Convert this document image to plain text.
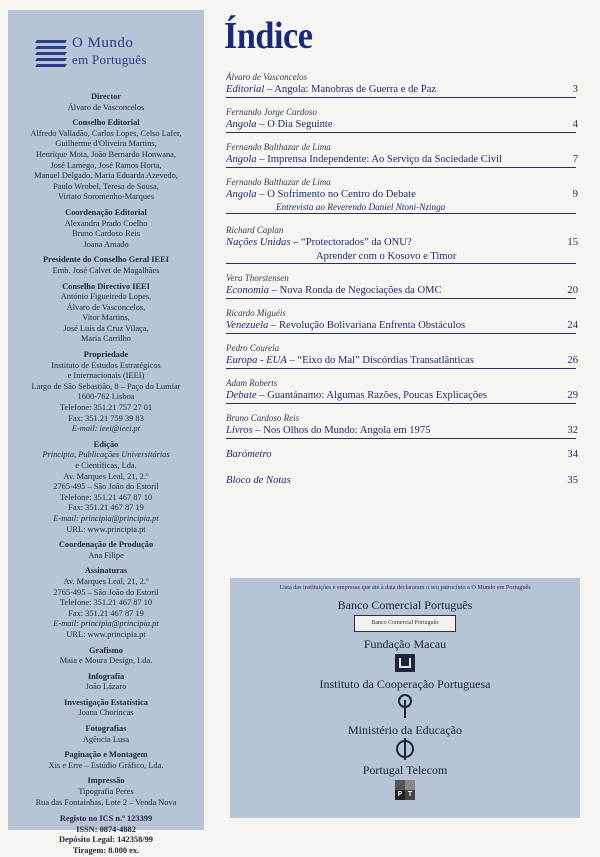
O Mundo
em Português
Director
Álvaro de Vasconcelos
Conselho Editorial
Alfredo Valladão, Carlos Lopes, Celso Lafer,
Guilherme d'Oliveira Martins,
Henrique Mota, João Bernardo Honwana,
José Lamego, José Ramos Horta,
Manuel Delgado, Maria Eduarda Azevedo,
Paulo Wrobel, Teresa de Sousa,
Viriato Soromenho-Marques
Coordenação Editorial
Alexandra Prado Coelho
Bruno Cardoso Reis
Joana Amado
Presidente do Conselho Geral IEEI
Emb. José Calvet de Magalhães
Conselho Directivo IEEI
António Figueiredo Lopes,
Álvaro de Vasconcelos,
Vitor Martins,
José Luís da Cruz Vilaça,
Maria Carrilho
Propriedade
Instituto de Estudos Estratégicos
e Internacionais (IEEI)
Largo de São Sebastião, 8 – Paço do Lumiar
1600-762 Lisboa
Telefone: 351.21 757 27 01
Fax: 351.21 759 39 83
E-mail: ieei@ieei.pt
Edição
Principia, Publicações Universitárias
e Científicas, Lda.
Av. Marques Leal, 21, 2.º
2765-495 – São João do Estoril
Telefone: 351.21 467 87 10
Fax: 351.21 467 87 19
E-mail: principia@principia.pt
URL: www.principia.pt
Coordenação de Produção
Ana Filipe
Assinaturas
Av. Marques Leal, 21, 2.º
2765-495 – São João do Estoril
Telefone: 351.21 467 87 10
Fax: 351.21 467 87 19
E-mail: principia@principia.pt
URL: www.principia.pt
Grafismo
Maia e Moura Design, Lda.
Infografia
João Lázaro
Investigação Estatística
Joana Chorincas
Fotografias
Agência Lusa
Paginação e Montagem
Xis e Erre – Estúdio Gráfico, Lda.
Impressão
Tipografia Peres
Rua das Fontainhas, Lote 2 – Venda Nova
Registo no ICS n.º 123399
ISSN: 0874-4882
Depósito Legal: 142358/99
Tiragem: 8.000 ex.
Índice
Álvaro de Vasconcelos
Editorial – Angola: Manobras de Guerra e de Paz	3
Fernando Jorge Cardoso
Angola – O Dia Seguinte	4
Fernando Balthazar de Lima
Angola – Imprensa Independente: Ao Serviço da Sociedade Civil	7
Fernando Balthazar de Lima
Angola – O Sofrimento no Centro do Debate	9
Entrevista ao Reverendo Daniel Ntoni-Nzinga
Richard Caplan
Nações Unidas – “Protectorados” da ONU?	15
Aprender com o Kosovo e Timor
Vera Thorstensen
Economia – Nova Ronda de Negociações da OMC	20
Ricardo Miguéis
Venezuela – Revolução Bolivariana Enfrenta Obstáculos	24
Pedro Courela
Europa - EUA – “Eixo do Mal” Discórdias Transatlânticas	26
Adam Roberts
Debate – Guantánamo: Algumas Razões, Poucas Explicações	29
Bruno Cardoso Reis
Livros – Nos Olhos do Mundo: Angola em 1975	32
Barómetro	34
Bloco de Notas	35
Lista das instituições e empresas que até à data declararam o seu patrocínio a O Mundo em Português
Banco Comercial Português
Banco Comercial Português
Fundação Macau
Instituto da Cooperação Portuguesa
Ministério da Educação
Portugal Telecom
P T
